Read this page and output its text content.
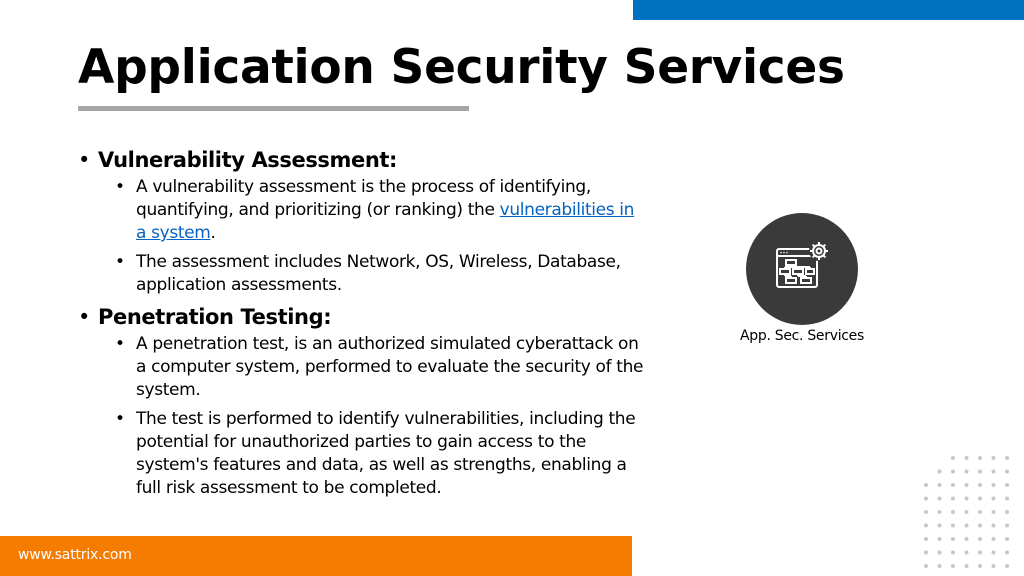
Application Security Services
• Vulnerability Assessment:
• A vulnerability assessment is the process of identifying, quantifying, and prioritizing (or ranking) the vulnerabilities in a system.
• The assessment includes Network, OS, Wireless, Database, application assessments.
• Penetration Testing:
• A penetration test, is an authorized simulated cyberattack on a computer system, performed to evaluate the security of the system.
• The test is performed to identify vulnerabilities, including the potential for unauthorized parties to gain access to the system's features and data, as well as strengths, enabling a full risk assessment to be completed.
App. Sec. Services
www.sattrix.com
